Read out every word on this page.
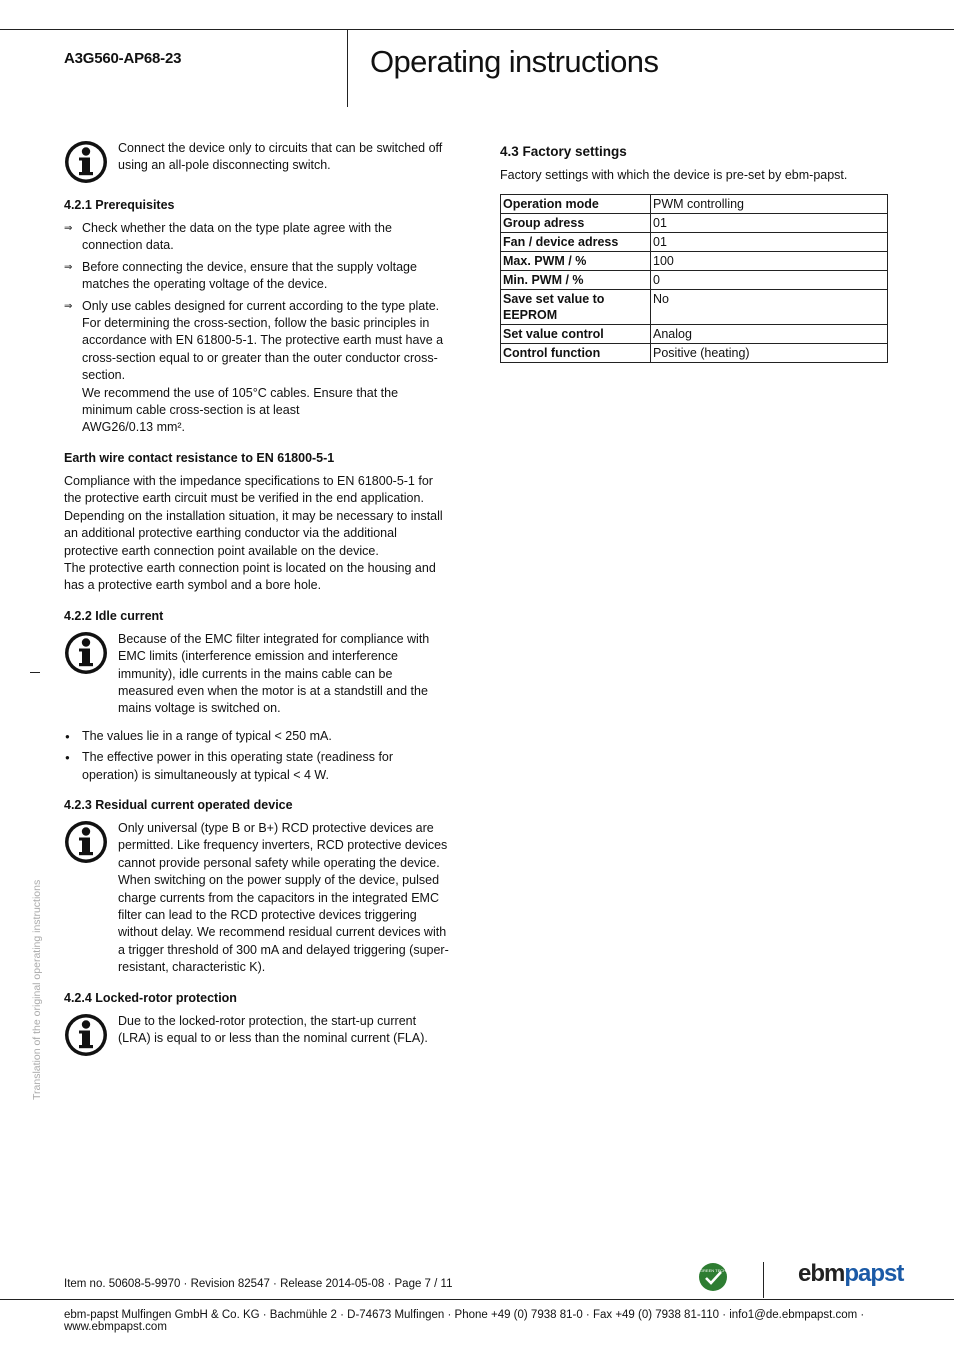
A3G560-AP68-23	Operating instructions
Translation of the original operating instructions
Connect the device only to circuits that can be switched off using an all-pole disconnecting switch.
4.2.1 Prerequisites
⇒ Check whether the data on the type plate agree with the connection data.
⇒ Before connecting the device, ensure that the supply voltage matches the operating voltage of the device.
⇒ Only use cables designed for current according to the type plate.
For determining the cross-section, follow the basic principles in accordance with EN 61800-5-1. The protective earth must have a cross-section equal to or greater than the outer conductor cross-section.
We recommend the use of 105°C cables. Ensure that the minimum cable cross-section is at least
AWG26/0.13 mm².
Earth wire contact resistance to EN 61800-5-1

Compliance with the impedance specifications to EN 61800-5-1 for the protective earth circuit must be verified in the end application.
Depending on the installation situation, it may be necessary to install an additional protective earthing conductor via the additional protective earth connection point available on the device.
The protective earth connection point is located on the housing and has a protective earth symbol and a bore hole.

4.2.2 Idle current
Because of the EMC filter integrated for compliance with EMC limits (interference emission and interference immunity), idle currents in the mains cable can be measured even when the motor is at a standstill and the mains voltage is switched on.
● The values lie in a range of typical < 250 mA.
● The effective power in this operating state (readiness for operation) is simultaneously at typical < 4 W.
4.2.3 Residual current operated device
Only universal (type B or B+) RCD protective devices are permitted. Like frequency inverters, RCD protective devices cannot provide personal safety while operating the device. When switching on the power supply of the device, pulsed charge currents from the capacitors in the integrated EMC filter can lead to the RCD protective devices triggering without delay. We recommend residual current devices with a trigger threshold of 300 mA and delayed triggering (super-resistant, characteristic K).
4.2.4 Locked-rotor protection
Due to the locked-rotor protection, the start-up current (LRA) is equal to or less than the nominal current (FLA).
4.3 Factory settings

Factory settings with which the device is pre-set by ebm-papst.

Operation mode	PWM controlling
Group adress	01
Fan / device adress	01
Max. PWM / %	100
Min. PWM / %	0
Save set value to EEPROM	No
Set value control	Analog
Control function	Positive (heating)
Item no. 50608-5-9970 · Revision 82547 · Release 2014-05-08 · Page 7 / 11
GREEN TECH	ebmpapst
ebm-papst Mulfingen GmbH & Co. KG · Bachmühle 2 · D-74673 Mulfingen · Phone +49 (0) 7938 81-0 · Fax +49 (0) 7938 81-110 · info1@de.ebmpapst.com · www.ebmpapst.com
